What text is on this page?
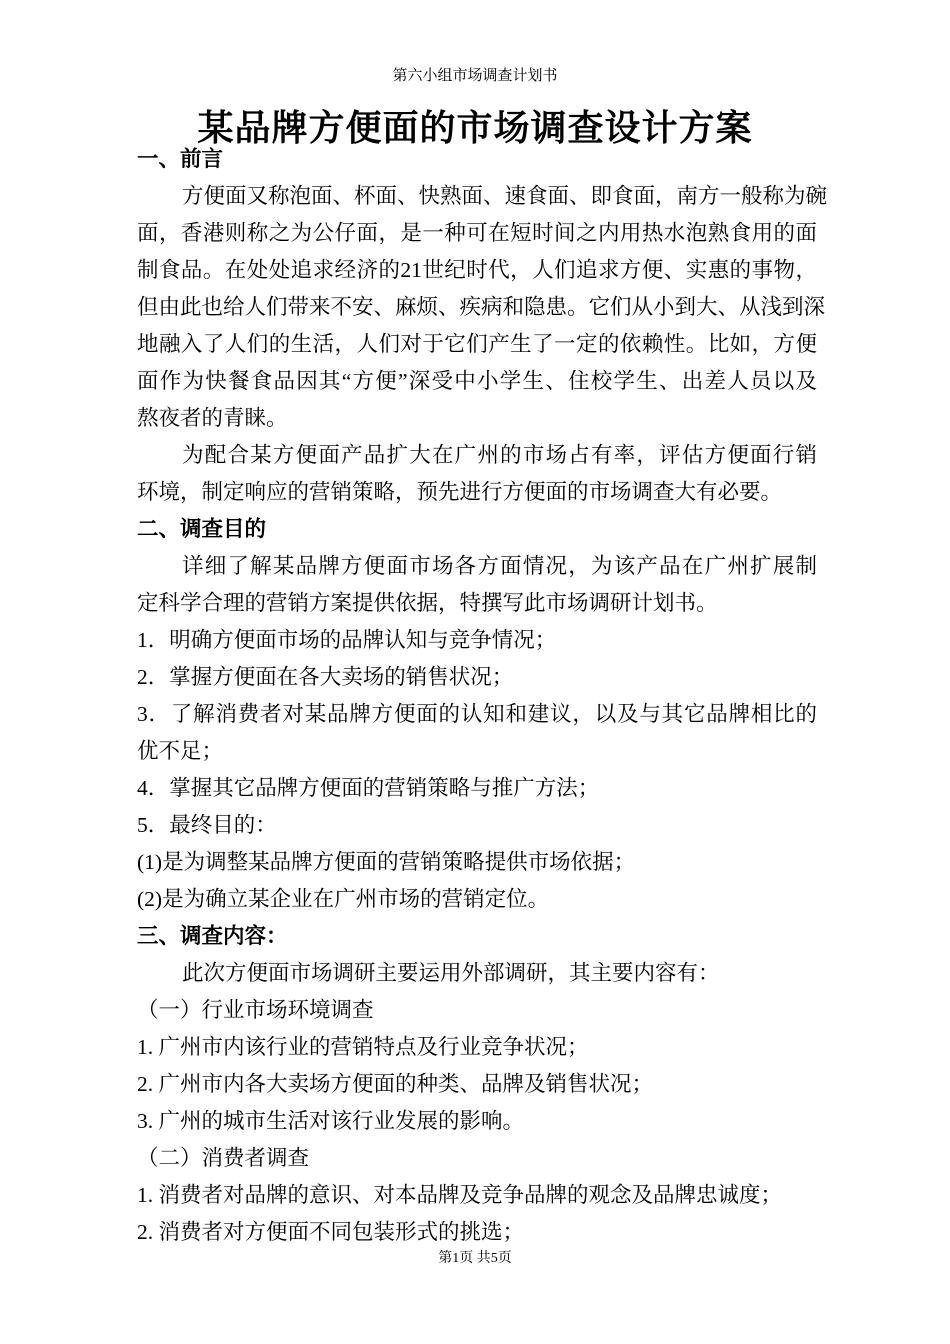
第六小组市场调查计划书
某品牌方便面的市场调查设计方案
一、前言
方便面又称泡面、杯面、快熟面、速食面、即食面，南方一般称为碗
面，香港则称之为公仔面，是一种可在短时间之内用热水泡熟食用的面
制食品。在处处追求经济的21世纪时代，人们追求方便、实惠的事物，
但由此也给人们带来不安、麻烦、疾病和隐患。它们从小到大、从浅到深
地融入了人们的生活，人们对于它们产生了一定的依赖性。比如，方便
面作为快餐食品因其“方便”深受中小学生、住校学生、出差人员以及
熬夜者的青睐。
为配合某方便面产品扩大在广州的市场占有率，评估方便面行销
环境，制定响应的营销策略，预先进行方便面的市场调查大有必要。
二、调查目的
详细了解某品牌方便面市场各方面情况，为该产品在广州扩展制
定科学合理的营销方案提供依据，特撰写此市场调研计划书。
1．明确方便面市场的品牌认知与竞争情况；
2．掌握方便面在各大卖场的销售状况；
3．了解消费者对某品牌方便面的认知和建议，以及与其它品牌相比的
优不足；
4．掌握其它品牌方便面的营销策略与推广方法；
5．最终目的：
(1)是为调整某品牌方便面的营销策略提供市场依据；
(2)是为确立某企业在广州市场的营销定位。
三、调查内容：
此次方便面市场调研主要运用外部调研，其主要内容有：
（一）行业市场环境调查
1. 广州市内该行业的营销特点及行业竞争状况；
2. 广州市内各大卖场方便面的种类、品牌及销售状况；
3. 广州的城市生活对该行业发展的影响。
（二）消费者调查
1. 消费者对品牌的意识、对本品牌及竞争品牌的观念及品牌忠诚度；
2. 消费者对方便面不同包装形式的挑选；
第1页 共5页
